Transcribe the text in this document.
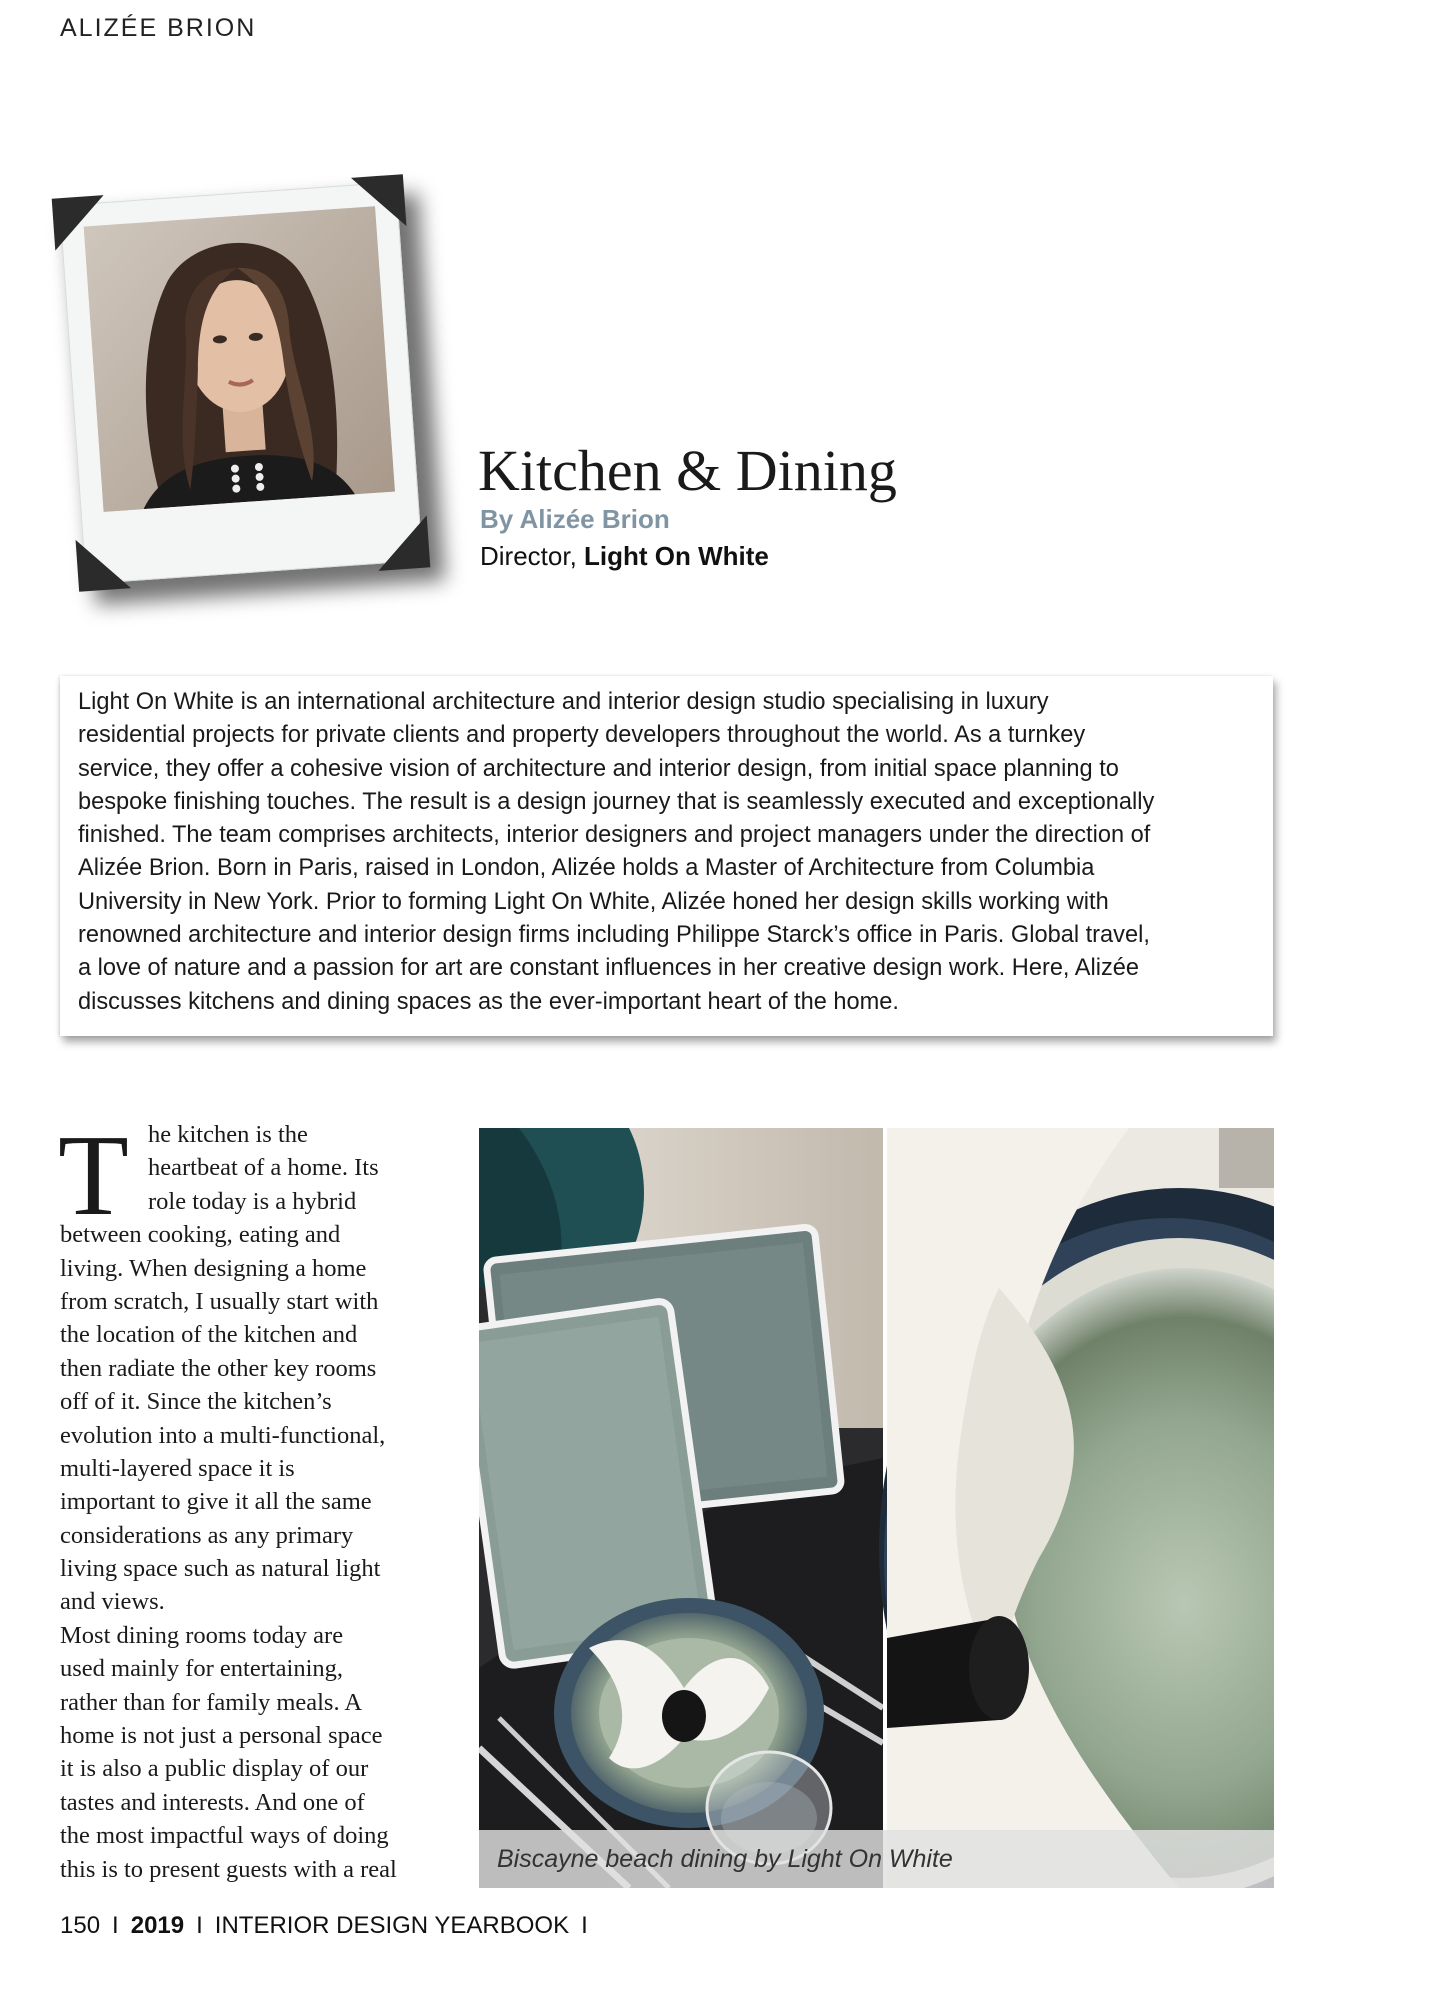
ALIZÉE BRION
Kitchen & Dining
By Alizée Brion
Director, Light On White

Light On White is an international architecture and interior design studio specialising in luxury

residential projects for private clients and property developers throughout the world. As a turnkey

service, they offer a cohesive vision of architecture and interior design, from initial space planning to

bespoke finishing touches. The result is a design journey that is seamlessly executed and exceptionally

finished. The team comprises architects, interior designers and project managers under the direction of

Alizée Brion. Born in Paris, raised in London, Alizée holds a Master of Architecture from Columbia

University in New York. Prior to forming Light On White, Alizée honed her design skills working with

renowned architecture and interior design firms including Philippe Starck’s office in Paris. Global travel,

a love of nature and a passion for art are constant influences in her creative design work. Here, Alizée

discusses kitchens and dining spaces as the ever-important heart of the home.

T he kitchen is the
heartbeat of a home. Its
role today is a hybrid
between cooking, eating and
living. When designing a home
from scratch, I usually start with
the location of the kitchen and
then radiate the other key rooms
off of it. Since the kitchen’s
evolution into a multi-functional,
multi-layered space it is
important to give it all the same
considerations as any primary
living space such as natural light
and views.
Most dining rooms today are
used mainly for entertaining,
rather than for family meals. A
home is not just a personal space
it is also a public display of our
tastes and interests. And one of
the most impactful ways of doing
this is to present guests with a real	Biscayne beach dining by Light On White
150 I 2019 I INTERIOR DESIGN YEARBOOK I
